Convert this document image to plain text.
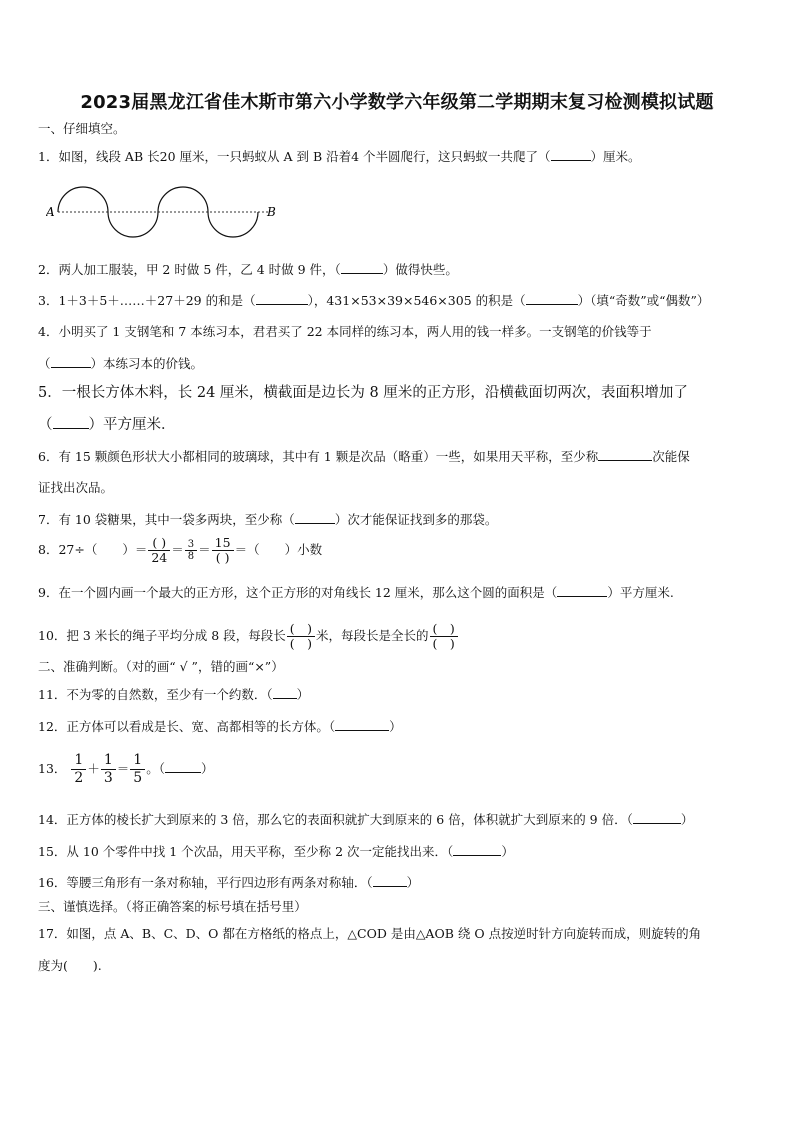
2023届黑龙江省佳木斯市第六小学数学六年级第二学期期末复习检测模拟试题
一、仔细填空。
1．如图，线段 AB 长20 厘米，一只蚂蚁从 A 到 B 沿着4 个半圆爬行，这只蚂蚁一共爬了（	）厘米。
A	B
2．两人加工服装，甲 2 时做 5 件，乙 4 时做 9 件，（	）做得快些。
3．1＋3＋5＋……＋27＋29 的和是（	），431×53×39×546×305 的积是（	）（填“奇数”或“偶数”）
4．小明买了 1 支钢笔和 7 本练习本，君君买了 22 本同样的练习本，两人用的钱一样多。一支钢笔的价钱等于
（	）本练习本的价钱。
5．一根长方体木料，长 24 厘米，横截面是边长为 8 厘米的正方形，沿横截面切两次，表面积增加了
（ ）平方厘米．
6．有 15 颗颜色形状大小都相同的玻璃球，其中有 1 颗是次品（略重）一些，如果用天平称，至少称	次能保
证找出次品。
7．有 10 袋糖果，其中一袋多两块，至少称（	）次才能保证找到多的那袋。
8．27÷（　　）＝ $\frac{( )}{24} = \frac{3}{8} = \frac{15}{( )}$ ＝（　　）小数
9．在一个圆内画一个最大的正方形，这个正方形的对角线长 12 厘米，那么这个圆的面积是（	）平方厘米.
10．把 3 米长的绳子平均分成 8 段，每段长 $\frac{( )}{( )}$ 米，每段长是全长的 $\frac{( )}{( )}$
二、准确判断。（对的画“ √ ”，错的画“×”）
11．不为零的自然数，至少有一个约数．（ ）
12．正方体可以看成是长、宽、高都相等的长方体。（	）
13． $\frac{1}{2} + \frac{1}{3} = \frac{1}{5}$ 。（	）
14．正方体的棱长扩大到原来的 3 倍，那么它的表面积就扩大到原来的 6 倍，体积就扩大到原来的 9 倍．（	）
15．从 10 个零件中找 1 个次品，用天平称，至少称 2 次一定能找出来．（	）
16．等腰三角形有一条对称轴，平行四边形有两条对称轴．（	）
三、谨慎选择。（将正确答案的标号填在括号里）
17．如图，点 A、B、C、D、O 都在方格纸的格点上，△COD 是由△AOB 绕 O 点按逆时针方向旋转而成，则旋转的角
度为(　　).
